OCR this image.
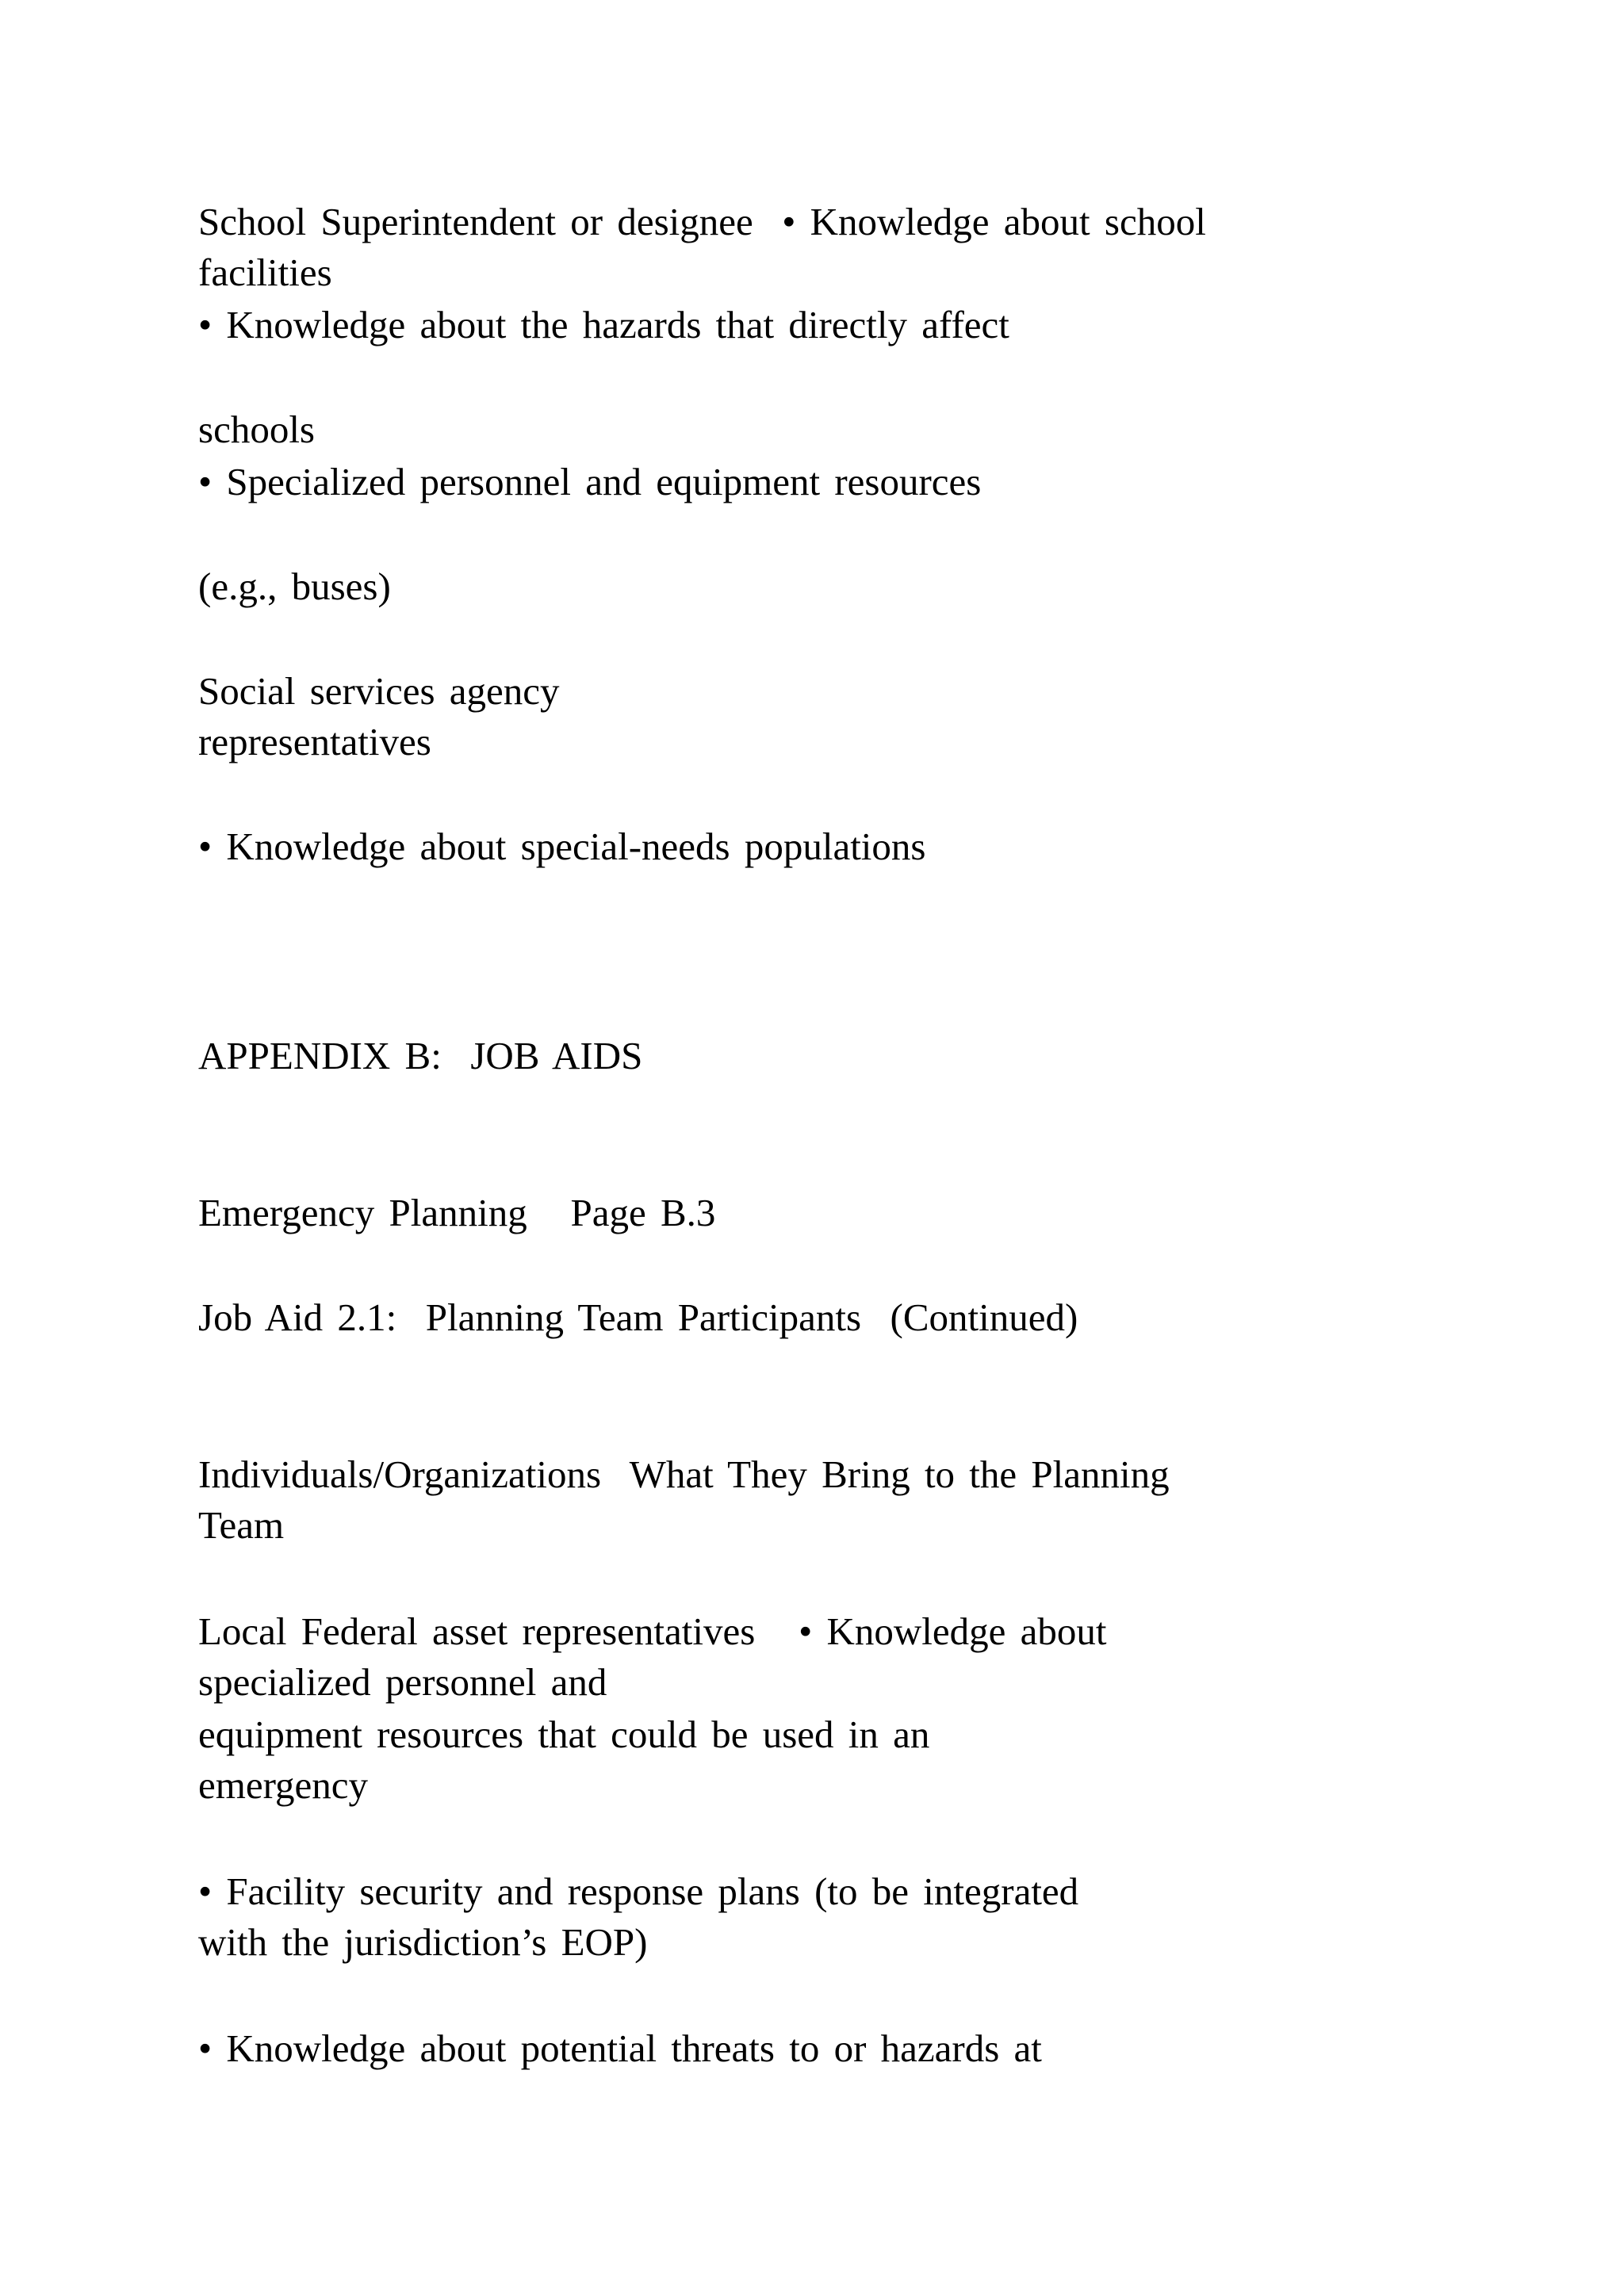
School Superintendent or designee  • Knowledge about school

facilities

• Knowledge about the hazards that directly affect

schools

• Specialized personnel and equipment resources

(e.g., buses)

Social services agency

representatives

• Knowledge about special-needs populations

APPENDIX B:  JOB AIDS

Emergency Planning   Page B.3

Job Aid 2.1:  Planning Team Participants  (Continued)

Individuals/Organizations  What They Bring to the Planning

Team

Local Federal asset representatives   • Knowledge about

specialized personnel and

equipment resources that could be used in an

emergency

• Facility security and response plans (to be integrated

with the jurisdiction’s EOP)

• Knowledge about potential threats to or hazards at
